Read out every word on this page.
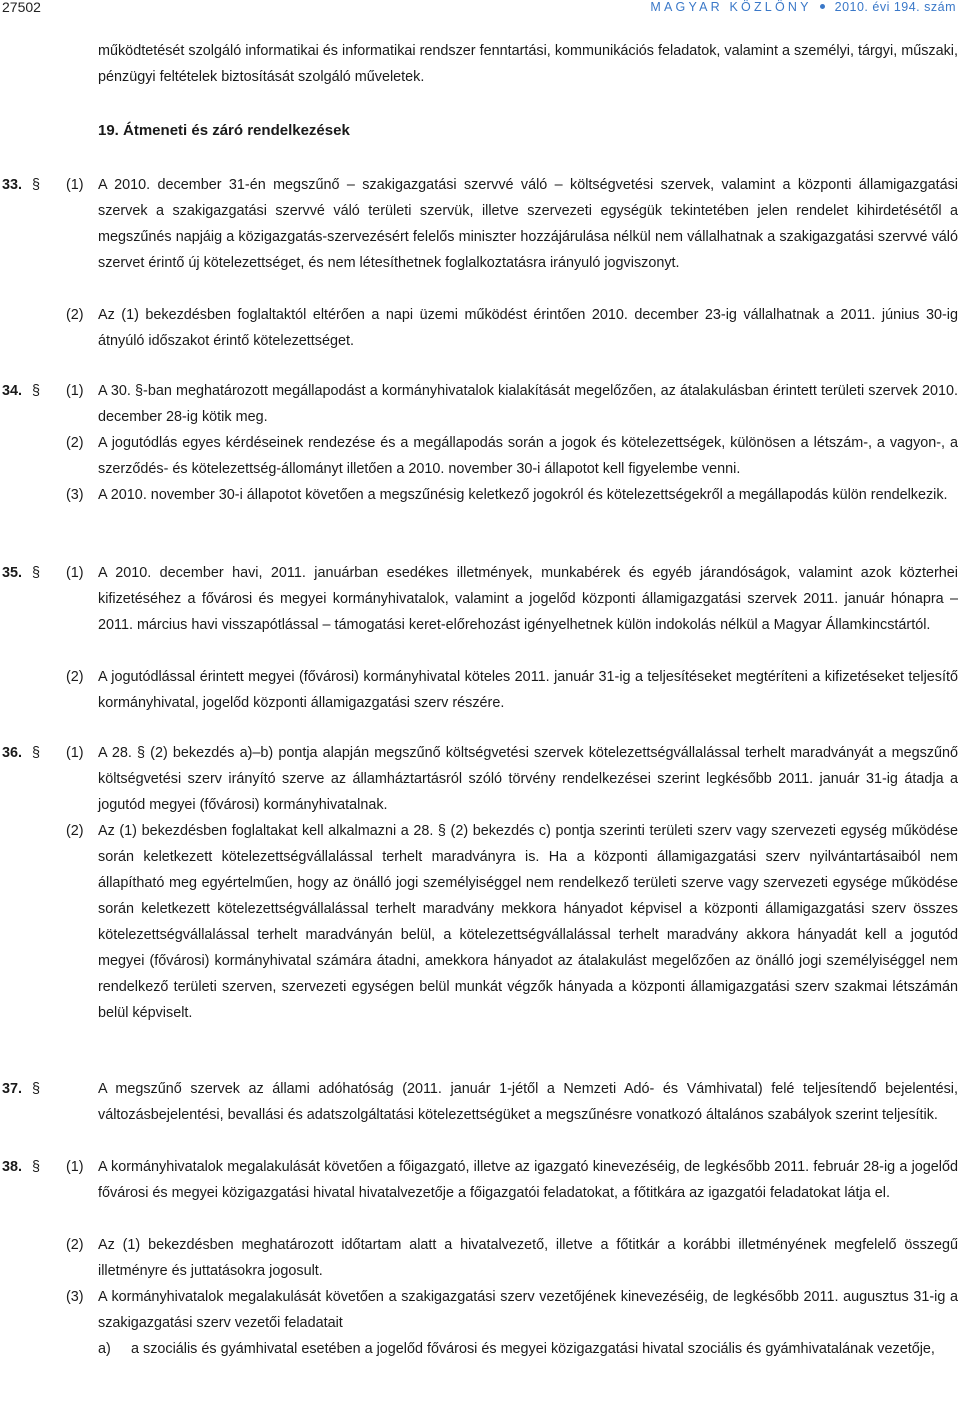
27502	MAGYAR KÖZLÖNY 2010. évi 194. szám
működtetését szolgáló informatikai és informatikai rendszer fenntartási, kommunikációs feladatok, valamint a személyi, tárgyi, műszaki, pénzügyi feltételek biztosítását szolgáló műveletek.
19. Átmeneti és záró rendelkezések
33. § (1) A 2010. december 31-én megszűnő – szakigazgatási szervvé váló – költségvetési szervek, valamint a központi államigazgatási szervek a szakigazgatási szervvé váló területi szervük, illetve szervezeti egységük tekintetében jelen rendelet kihirdetésétől a megszűnés napjáig a közigazgatás-szervezésért felelős miniszter hozzájárulása nélkül nem vállalhatnak a szakigazgatási szervvé váló szervet érintő új kötelezettséget, és nem létesíthetnek foglalkoztatásra irányuló jogviszonyt.
(2) Az (1) bekezdésben foglaltaktól eltérően a napi üzemi működést érintően 2010. december 23-ig vállalhatnak a 2011. június 30-ig átnyúló időszakot érintő kötelezettséget.
34. § (1) A 30. §-ban meghatározott megállapodást a kormányhivatalok kialakítását megelőzően, az átalakulásban érintett területi szervek 2010. december 28-ig kötik meg.
(2) A jogutódlás egyes kérdéseinek rendezése és a megállapodás során a jogok és kötelezettségek, különösen a létszám-, a vagyon-, a szerződés- és kötelezettség-állományt illetően a 2010. november 30-i állapotot kell figyelembe venni.
(3) A 2010. november 30-i állapotot követően a megszűnésig keletkező jogokról és kötelezettségekről a megállapodás külön rendelkezik.
35. § (1) A 2010. december havi, 2011. januárban esedékes illetmények, munkabérek és egyéb járandóságok, valamint azok közterhei kifizetéséhez a fővárosi és megyei kormányhivatalok, valamint a jogelőd központi államigazgatási szervek 2011. január hónapra – 2011. március havi visszapótlással – támogatási keret-előrehozást igényelhetnek külön indokolás nélkül a Magyar Államkincstártól.
(2) A jogutódlással érintett megyei (fővárosi) kormányhivatal köteles 2011. január 31-ig a teljesítéseket megtéríteni a kifizetéseket teljesítő kormányhivatal, jogelőd központi államigazgatási szerv részére.
36. § (1) A 28. § (2) bekezdés a)–b) pontja alapján megszűnő költségvetési szervek kötelezettségvállalással terhelt maradványát a megszűnő költségvetési szerv irányító szerve az államháztartásról szóló törvény rendelkezései szerint legkésőbb 2011. január 31-ig átadja a jogutód megyei (fővárosi) kormányhivatalnak.
(2) Az (1) bekezdésben foglaltakat kell alkalmazni a 28. § (2) bekezdés c) pontja szerinti területi szerv vagy szervezeti egység működése során keletkezett kötelezettségvállalással terhelt maradványra is. Ha a központi államigazgatási szerv nyilvántartásaiból nem állapítható meg egyértelműen, hogy az önálló jogi személyiséggel nem rendelkező területi szerve vagy szervezeti egysége működése során keletkezett kötelezettségvállalással terhelt maradvány mekkora hányadot képvisel a központi államigazgatási szerv összes kötelezettségvállalással terhelt maradványán belül, a kötelezettségvállalással terhelt maradvány akkora hányadát kell a jogutód megyei (fővárosi) kormányhivatal számára átadni, amekkora hányadot az átalakulást megelőzően az önálló jogi személyiséggel nem rendelkező területi szerven, szervezeti egységen belül munkát végzők hányada a központi államigazgatási szerv szakmai létszámán belül képviselt.
37. §	A megszűnő szervek az állami adóhatóság (2011. január 1-jétől a Nemzeti Adó- és Vámhivatal) felé teljesítendő bejelentési, változásbejelentési, bevallási és adatszolgáltatási kötelezettségüket a megszűnésre vonatkozó általános szabályok szerint teljesítik.
38. § (1) A kormányhivatalok megalakulását követően a főigazgató, illetve az igazgató kinevezéséig, de legkésőbb 2011. február 28-ig a jogelőd fővárosi és megyei közigazgatási hivatal hivatalvezetője a főigazgatói feladatokat, a főtitkára az igazgatói feladatokat látja el.
(2) Az (1) bekezdésben meghatározott időtartam alatt a hivatalvezető, illetve a főtitkár a korábbi illetményének megfelelő összegű illetményre és juttatásokra jogosult.
(3) A kormányhivatalok megalakulását követően a szakigazgatási szerv vezetőjének kinevezéséig, de legkésőbb 2011. augusztus 31-ig a szakigazgatási szerv vezetői feladatait
a) a szociális és gyámhivatal esetében a jogelőd fővárosi és megyei közigazgatási hivatal szociális és gyámhivatalának vezetője,
